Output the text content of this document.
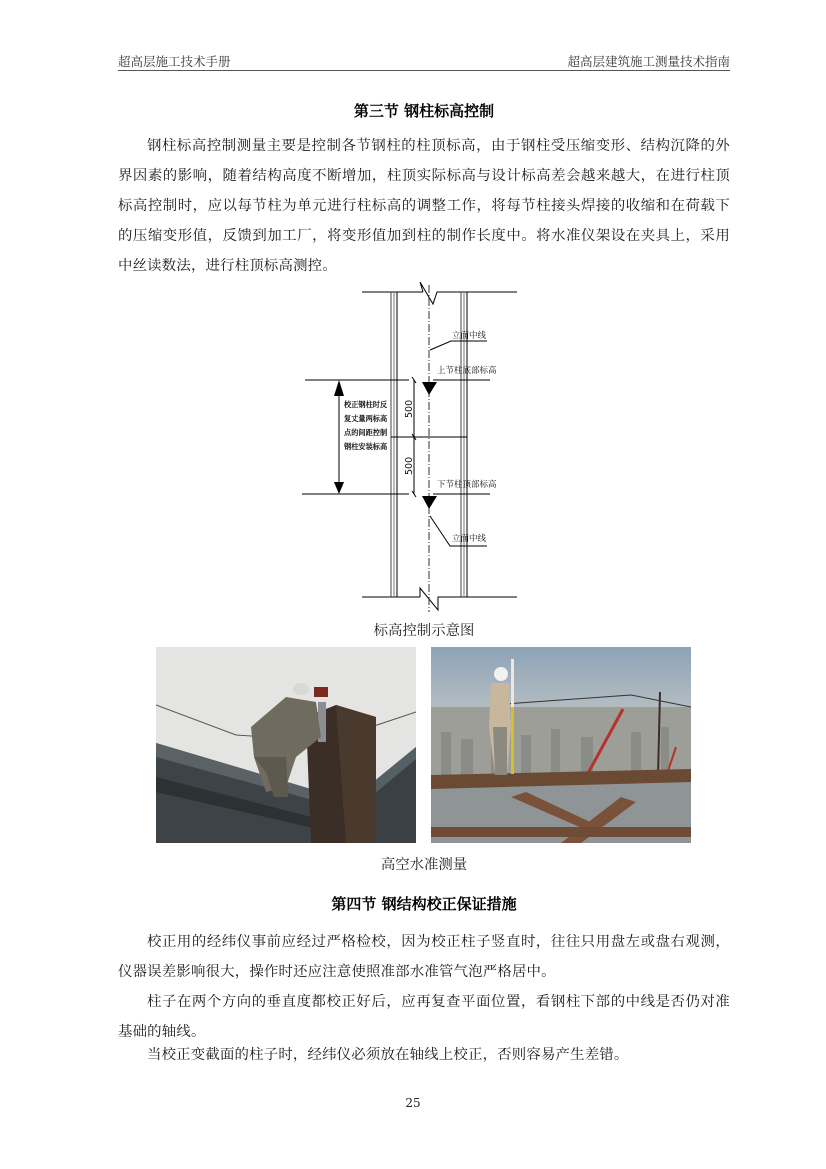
超高层施工技术手册	超高层建筑施工测量技术指南
第三节 钢柱标高控制
钢柱标高控制测量主要是控制各节钢柱的柱顶标高，由于钢柱受压缩变形、结构沉降的外界因素的影响，随着结构高度不断增加，柱顶实际标高与设计标高差会越来越大，在进行柱顶标高控制时，应以每节柱为单元进行柱标高的调整工作，将每节柱接头焊接的收缩和在荷载下的压缩变形值，反馈到加工厂，将变形值加到柱的制作长度中。将水准仪架设在夹具上，采用中丝读数法，进行柱顶标高测控。
立面中线
上节柱底部标高
下节柱顶部标高
立面中线
500
500
校正钢柱时反
复丈量两标高
点的间距控制
钢柱安装标高
标高控制示意图
高空水准测量
第四节 钢结构校正保证措施
校正用的经纬仪事前应经过严格检校，因为校正柱子竖直时，往往只用盘左或盘右观测，仪器误差影响很大，操作时还应注意使照准部水准管气泡严格居中。
柱子在两个方向的垂直度都校正好后，应再复查平面位置，看钢柱下部的中线是否仍对准基础的轴线。
当校正变截面的柱子时，经纬仪必须放在轴线上校正，否则容易产生差错。
25
